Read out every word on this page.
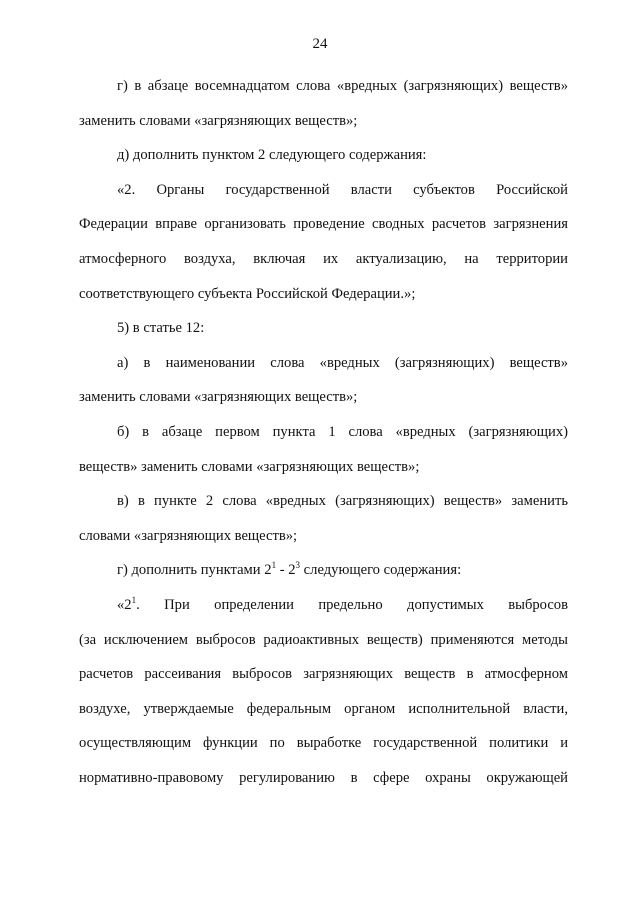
24
г) в абзаце восемнадцатом слова «вредных (загрязняющих) веществ»
заменить словами «загрязняющих веществ»;
д) дополнить пунктом 2 следующего содержания:
«2. Органы государственной власти субъектов Российской
Федерации вправе организовать проведение сводных расчетов загрязнения
атмосферного воздуха, включая их актуализацию, на территории
соответствующего субъекта Российской Федерации.»;
5) в статье 12:
а) в наименовании слова «вредных (загрязняющих) веществ»
заменить словами «загрязняющих веществ»;
б) в абзаце первом пункта 1 слова «вредных (загрязняющих)
веществ» заменить словами «загрязняющих веществ»;
в) в пункте 2 слова «вредных (загрязняющих) веществ» заменить
словами «загрязняющих веществ»;
г) дополнить пунктами $2^1 - 2^3$ следующего содержания:
«$2^1$. При определении предельно допустимых выбросов
(за исключением выбросов радиоактивных веществ) применяются методы
расчетов рассеивания выбросов загрязняющих веществ в атмосферном
воздухе, утверждаемые федеральным органом исполнительной власти,
осуществляющим функции по выработке государственной политики и
нормативно-правовому регулированию в сфере охраны окружающей
